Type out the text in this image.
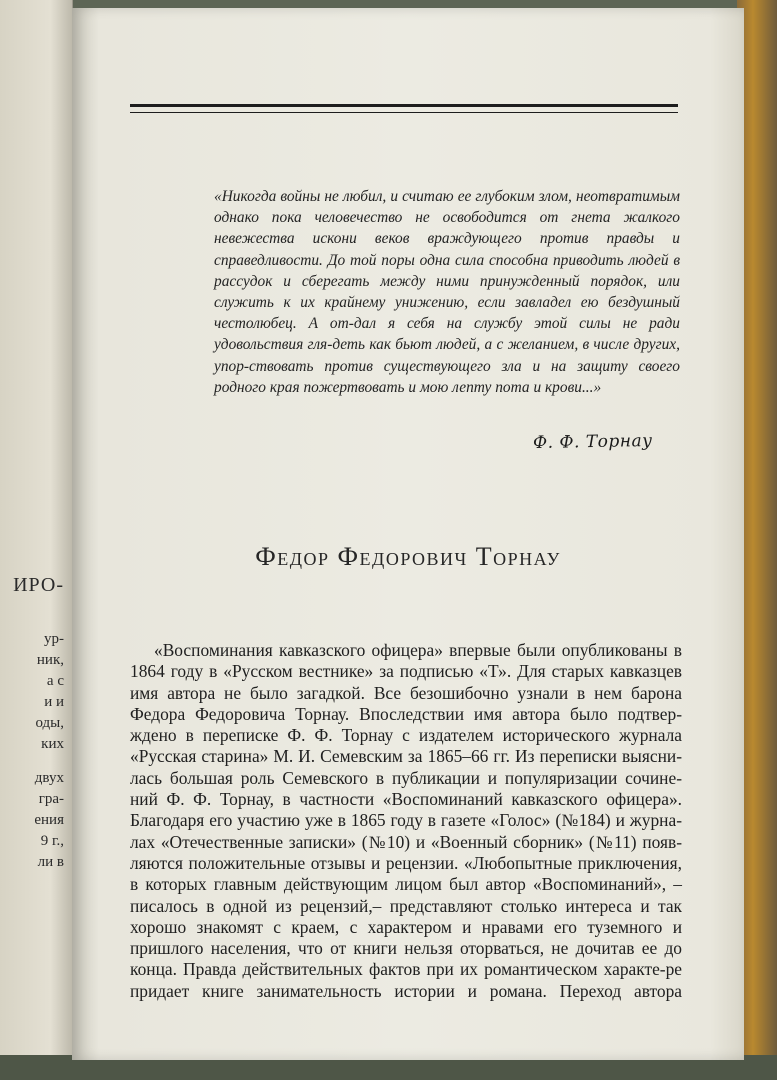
ИРО-
ур-
ник,
а с
и и
оды,
ких
двух
гра-
ения
9 г.,
ли в
«Никогда войны не любил, и считаю ее глубоким злом, неотвратимым однако пока человечество не освободится от гнета жалкого невежества искони веков враждующего против правды и справедливости. До той поры одна сила способна приводить людей в рассудок и сберегать между ними принужденный порядок, или служить к их крайнему унижению, если завладел ею бездушный честолюбец. А от-дал я себя на службу этой силы не ради удовольствия гля-деть как бьют людей, а с желанием, в числе других, упор-ствовать против существующего зла и на защиту своего родного края пожертвовать и мою лепту пота и крови...»
Ф. Ф. Торнау
Федор Федорович Торнау

«Воспоминания кавказского офицера» впервые были опубликованы в 1864 году в «Русском вестнике» за подписью «Т». Для старых кавказцев имя автора не было загадкой. Все безошибочно узнали в нем барона Федора Федоровича Торнау. Впоследствии имя автора было подтвер-ждено в переписке Ф. Ф. Торнау с издателем исторического журнала «Русская старина» М. И. Семевским за 1865–66 гг. Из переписки выясни-лась большая роль Семевского в публикации и популяризации сочине-ний Ф. Ф. Торнау, в частности «Воспоминаний кавказского офицера». Благодаря его участию уже в 1865 году в газете «Голос» (№184) и журна-лах «Отечественные записки» (№10) и «Военный сборник» (№11) появ-ляются положительные отзывы и рецензии. «Любопытные приключения, в которых главным действующим лицом был автор «Воспоминаний», – писалось в одной из рецензий,– представляют столько интереса и так хорошо знакомят с краем, с характером и нравами его туземного и пришлого населения, что от книги нельзя оторваться, не дочитав ее до конца. Правда действительных фактов при их романтическом характе-ре придает книге занимательность истории и романа. Переход автора
